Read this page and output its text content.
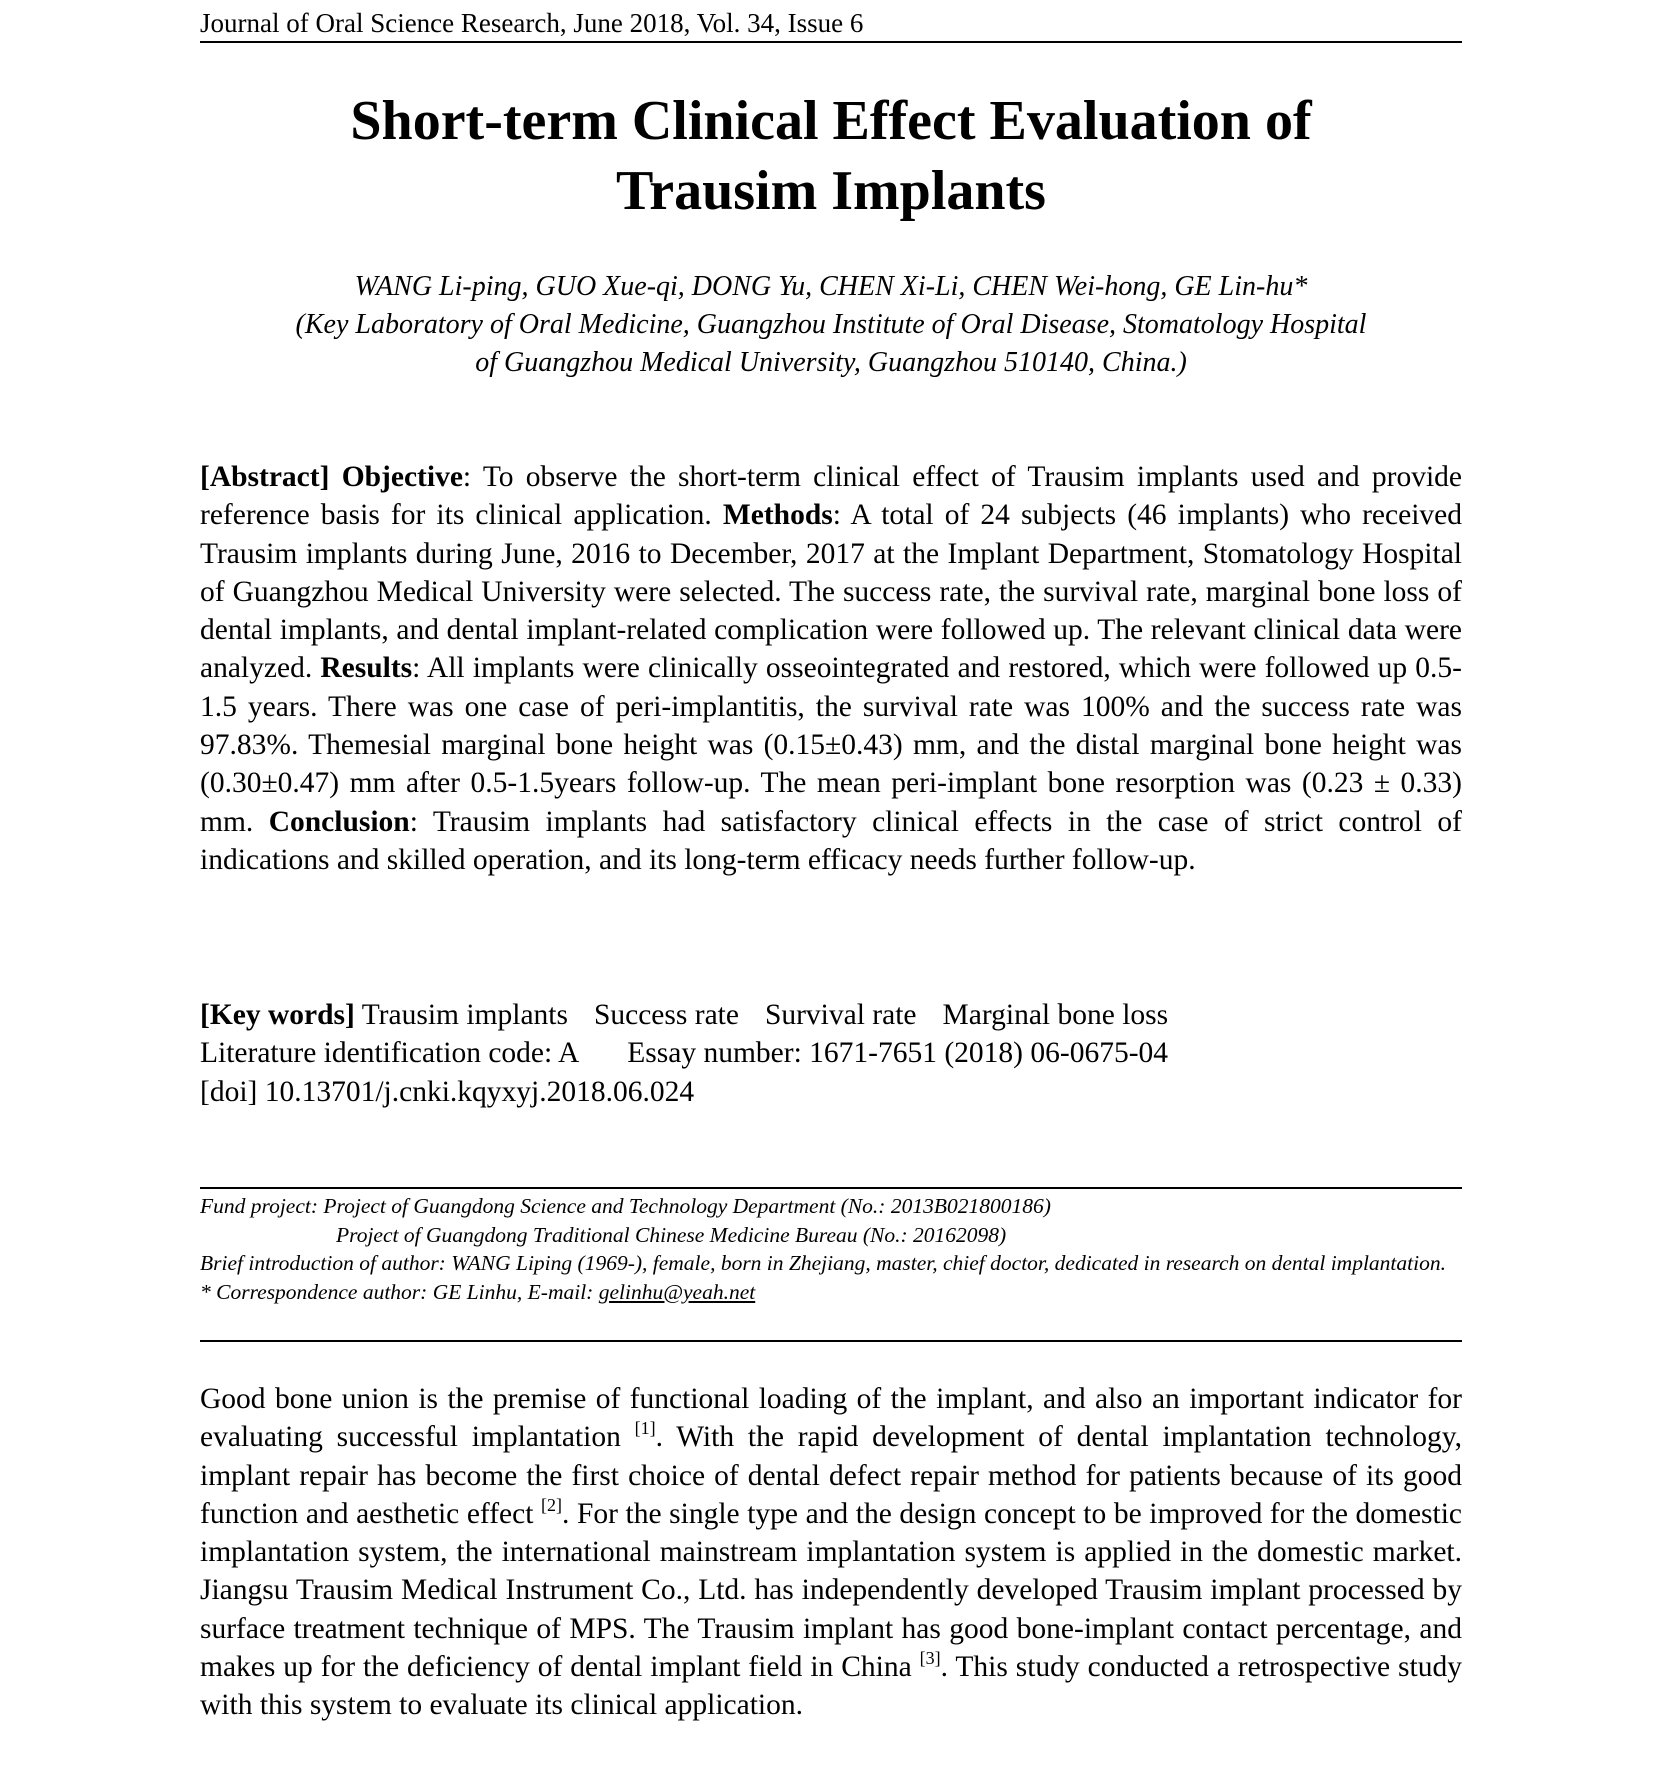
Journal of Oral Science Research, June 2018, Vol. 34, Issue 6
Short-term Clinical Effect Evaluation of
Trausim Implants
WANG Li-ping, GUO Xue-qi, DONG Yu, CHEN Xi-Li, CHEN Wei-hong, GE Lin-hu*
(Key Laboratory of Oral Medicine, Guangzhou Institute of Oral Disease, Stomatology Hospital
of Guangzhou Medical University, Guangzhou 510140, China.)
[Abstract] Objective: To observe the short-term clinical effect of Trausim implants used and provide reference basis for its clinical application. Methods: A total of 24 subjects (46 implants) who received Trausim implants during June, 2016 to December, 2017 at the Implant Department, Stomatology Hospital of Guangzhou Medical University were selected. The success rate, the survival rate, marginal bone loss of dental implants, and dental implant-related complication were followed up. The relevant clinical data were analyzed. Results: All implants were clinically osseointegrated and restored, which were followed up 0.5-1.5 years. There was one case of peri-implantitis, the survival rate was 100% and the success rate was 97.83%. Themesial marginal bone height was (0.15±0.43) mm, and the distal marginal bone height was (0.30±0.47) mm after 0.5-1.5years follow-up. The mean peri-implant bone resorption was (0.23 ± 0.33) mm. Conclusion: Trausim implants had satisfactory clinical effects in the case of strict control of indications and skilled operation, and its long-term efficacy needs further follow-up.
[Key words] Trausim implants Success rate Survival rate Marginal bone loss
Literature identification code: A Essay number: 1671-7651 (2018) 06-0675-04
[doi] 10.13701/j.cnki.kqyxyj.2018.06.024
Fund project: Project of Guangdong Science and Technology Department (No.: 2013B021800186)
Project of Guangdong Traditional Chinese Medicine Bureau (No.: 20162098)
Brief introduction of author: WANG Liping (1969-), female, born in Zhejiang, master, chief doctor, dedicated in research on dental implantation.
* Correspondence author: GE Linhu, E-mail: gelinhu@yeah.net
Good bone union is the premise of functional loading of the implant, and also an important indicator for evaluating successful implantation [1]. With the rapid development of dental implantation technology, implant repair has become the first choice of dental defect repair method for patients because of its good function and aesthetic effect [2]. For the single type and the design concept to be improved for the domestic implantation system, the international mainstream implantation system is applied in the domestic market. Jiangsu Trausim Medical Instrument Co., Ltd. has independently developed Trausim implant processed by surface treatment technique of MPS. The Trausim implant has good bone-implant contact percentage, and makes up for the deficiency of dental implant field in China [3]. This study conducted a retrospective study with this system to evaluate its clinical application.
